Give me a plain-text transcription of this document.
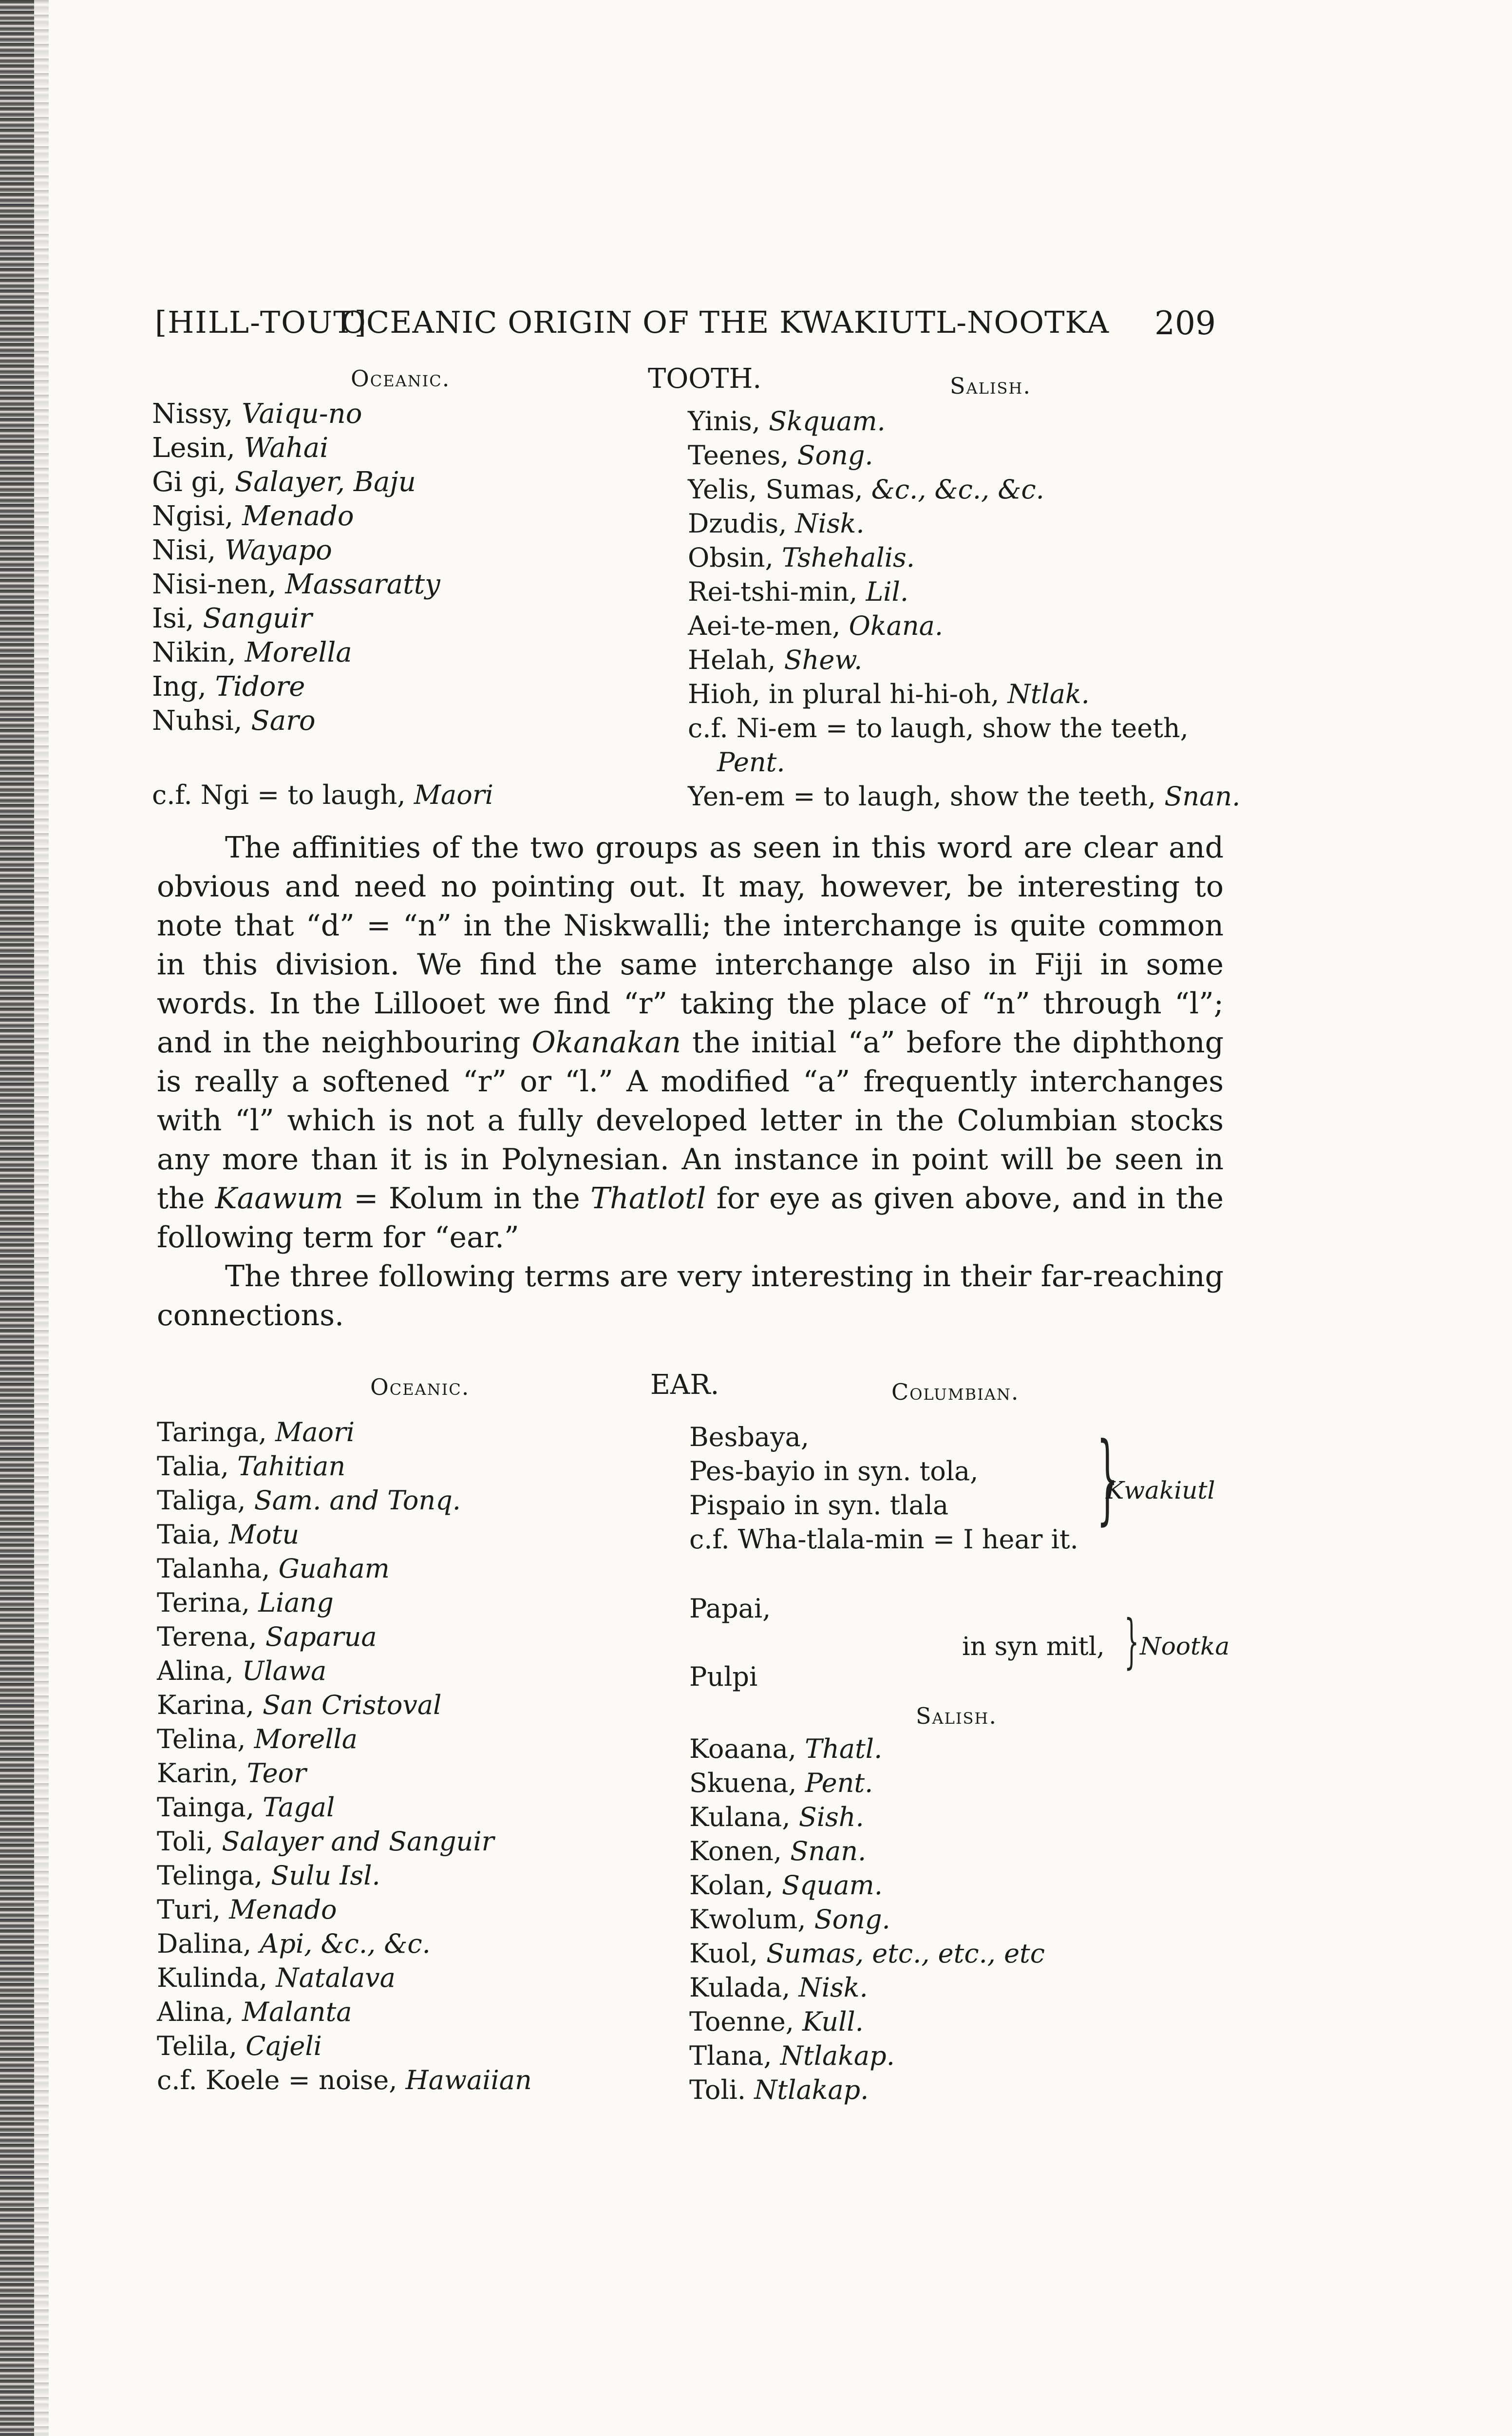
[HILL-TOUT]
OCEANIC ORIGIN OF THE KWAKIUTL-NOOTKA 209
Oceanic.	TOOTH.	Salish.
Nissy, Vaiqu‑no
Lesin, Wahai
Gi gi, Salayer, Baju
Ngisi, Menado
Nisi, Wayapo
Nisi-nen, Massaratty
Isi, Sanguir
Nikin, Morella
Ing, Tidore
Nuhsi, Saro
c.f. Ngi = to laugh, Maori
Yinis, Skquam.
Teenes, Song.
Yelis, Sumas, &c., &c., &c.
Dzudis, Nisk.
Obsin, Tshehalis.
Rei-tshi-min, Lil.
Aei-te-men, Okana.
Helah, Shew.
Hioh, in plural hi-hi-oh, Ntlak.
c.f. Ni-em = to laugh, show the teeth,
Pent.
Yen-em = to laugh, show the teeth, Snan.

The affinities of the two groups as seen in this word are clear and obvious and need no pointing out. It may, however, be interesting to note that “d” = “n” in the Niskwalli; the interchange is quite common in this division. We find the same interchange also in Fiji in some words. In the Lillooet we find “r” taking the place of “n” through “l”; and in the neighbouring Okanakan the initial “a” before the diphthong is really a softened “r” or “l.” A modified “a” frequently interchanges with “l” which is not a fully developed letter in the Columbian stocks any more than it is in Polynesian. An instance in point will be seen in the Kaawum = Kolum in the Thatlotl for eye as given above, and in the following term for “ear.”

The three following terms are very interesting in their far-reaching connections.

Oceanic.	EAR.	Columbian.
Taringa, Maori
Talia, Tahitian
Taliga, Sam. and Tonq.
Taia, Motu
Talanha, Guaham
Terina, Liang
Terena, Saparua
Alina, Ulawa
Karina, San Cristoval
Telina, Morella
Karin, Teor
Tainga, Tagal
Toli, Salayer and Sanguir
Telinga, Sulu Isl.
Turi, Menado
Dalina, Api, &c., &c.
Kulinda, Natalava
Alina, Malanta
Telila, Cajeli
c.f. Koele = noise, Hawaiian
Besbaya,
Pes-bayio in syn. tola,
Pispaio in syn. tlala
c.f. Wha-tlala-min = I hear it.
}
Kwakiutl
Papai,
Pulpi
in syn mitl, } Nootka
Salish.
Koaana, Thatl.
Skuena, Pent.
Kulana, Sish.
Konen, Snan.
Kolan, Squam.
Kwolum, Song.
Kuol, Sumas, etc., etc., etc
Kulada, Nisk.
Toenne, Kull.
Tlana, Ntlakap.
Toli. Ntlakap.
